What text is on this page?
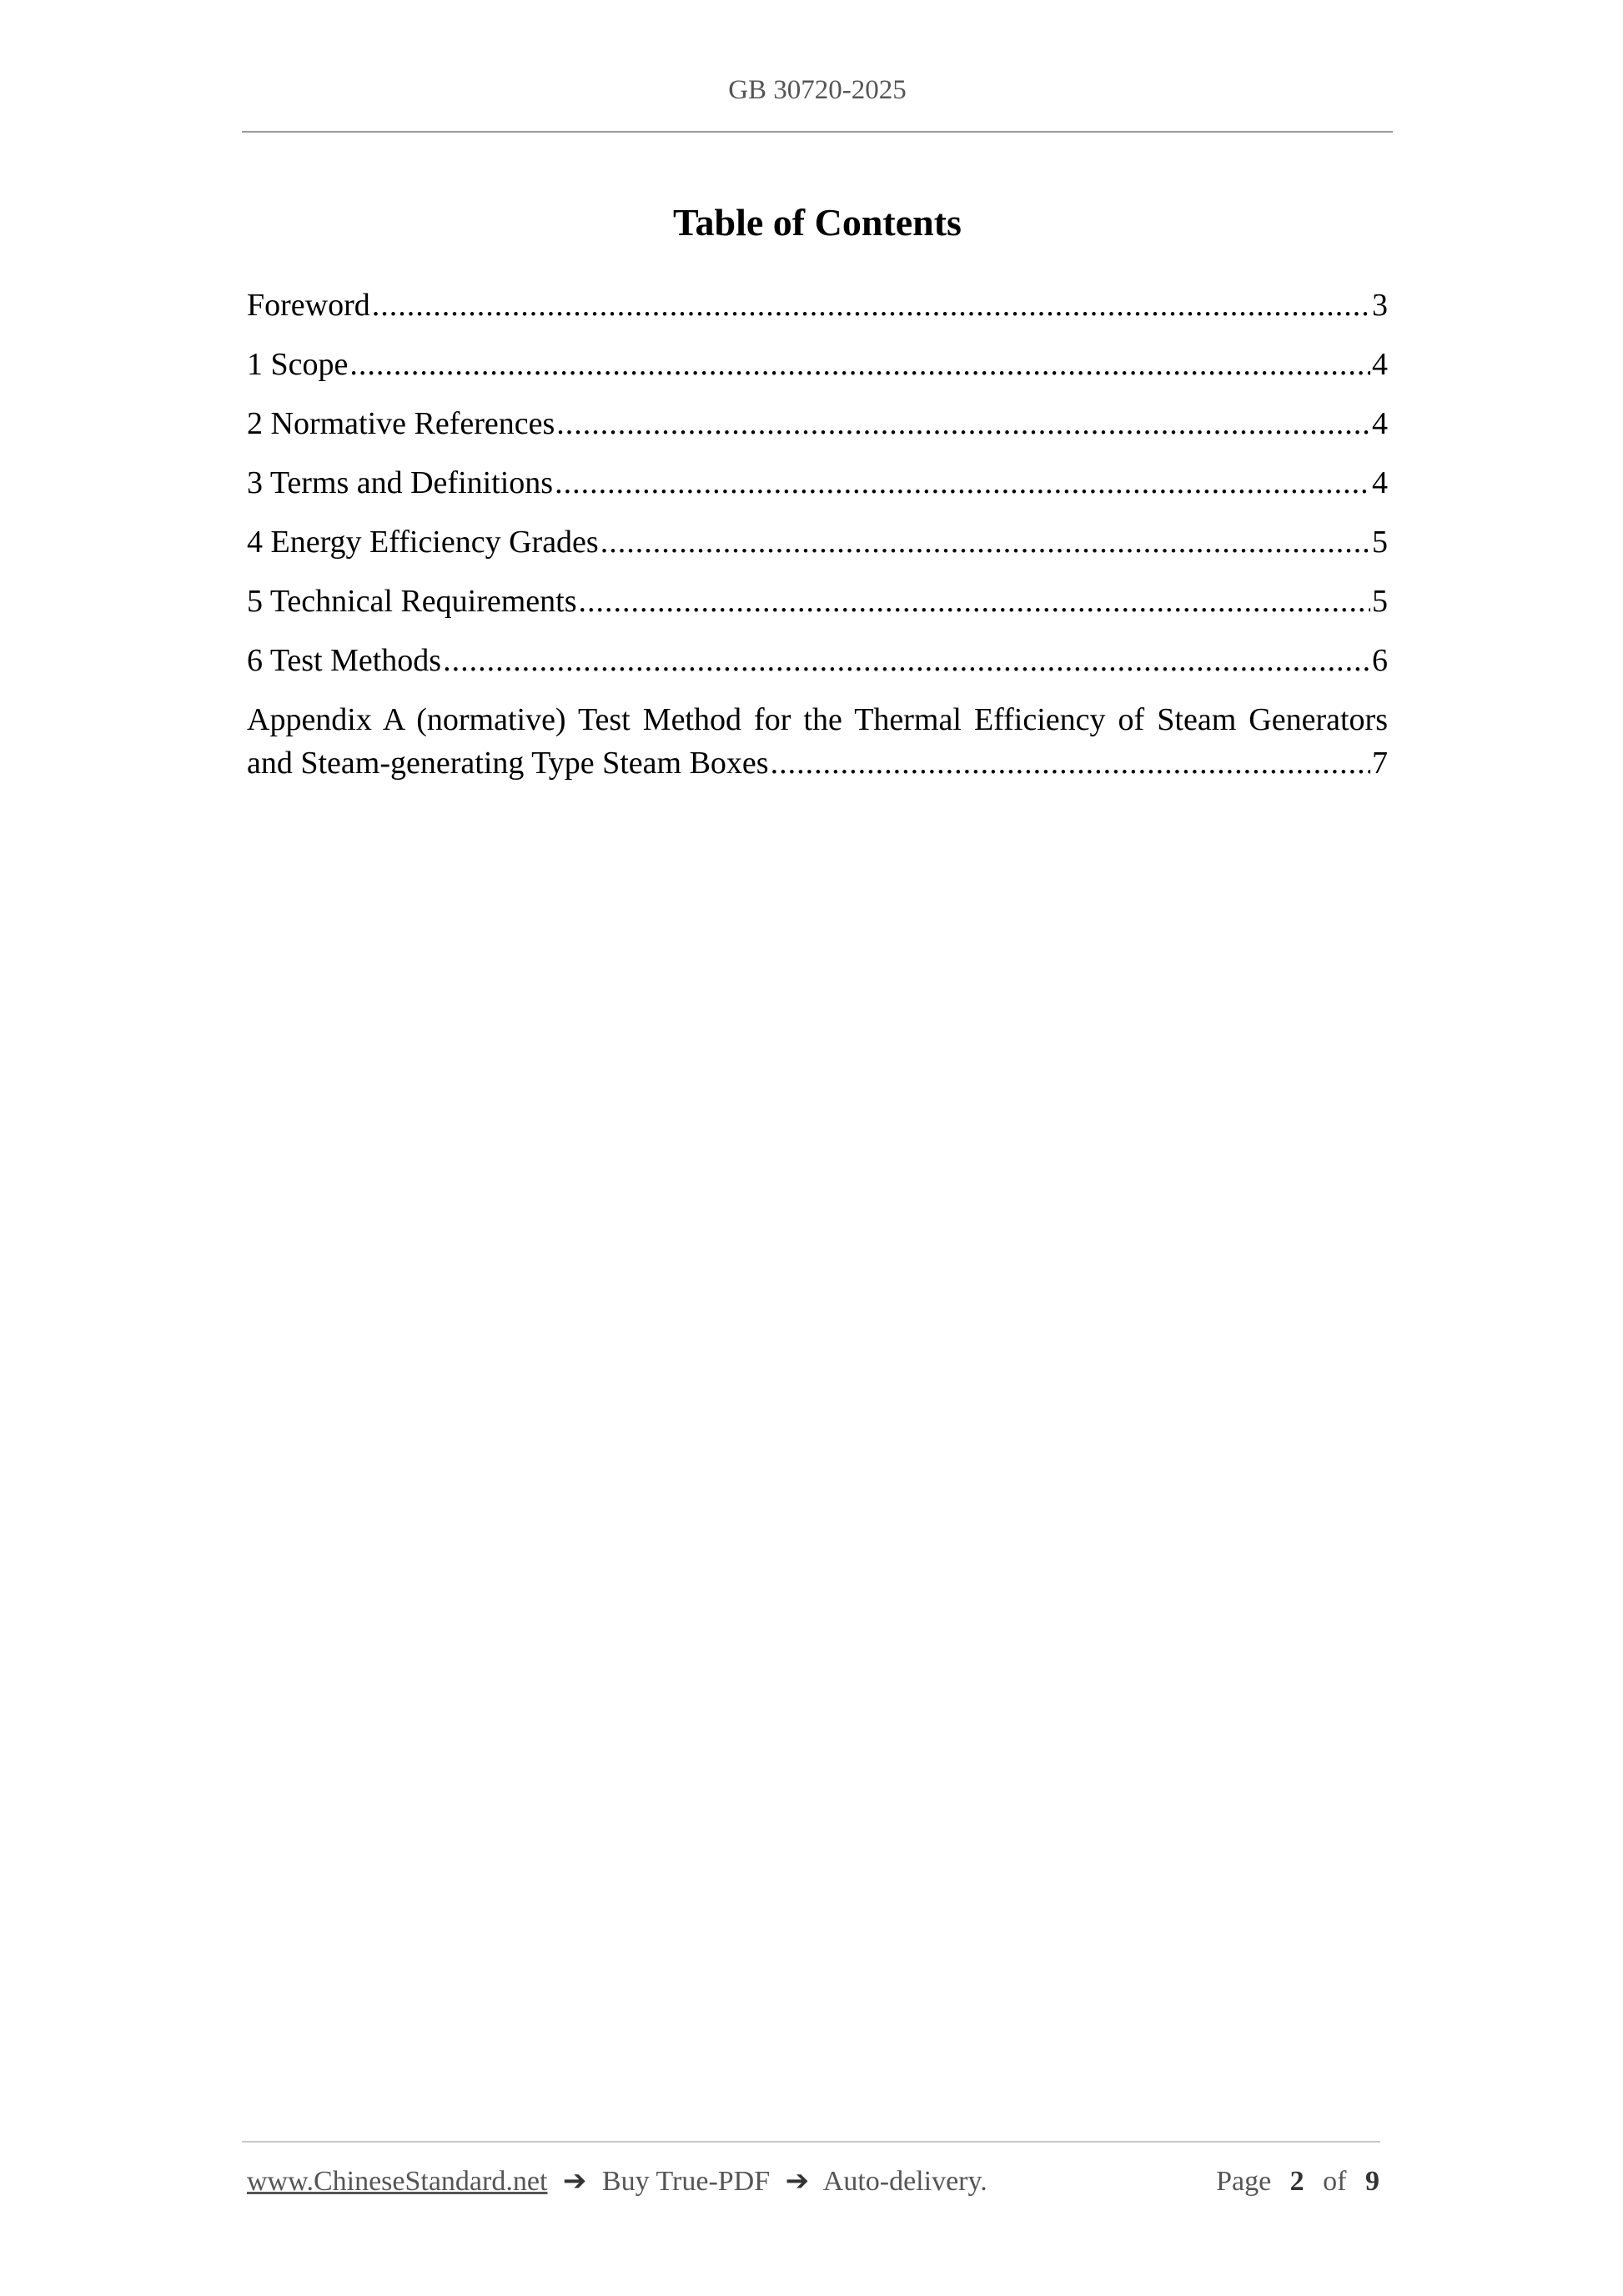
GB 30720-2025
Table of Contents
Foreword .....	3
1 Scope .....	4
2 Normative References .....	4
3 Terms and Definitions .....	4
4 Energy Efficiency Grades .....	5
5 Technical Requirements .....	5
6 Test Methods .....	6
Appendix A (normative) Test Method for the Thermal Efficiency of Steam Generators
and Steam-generating Type Steam Boxes .....	7
www.ChineseStandard.net ➔ Buy True-PDF ➔ Auto-delivery.	Page 2 of 9
